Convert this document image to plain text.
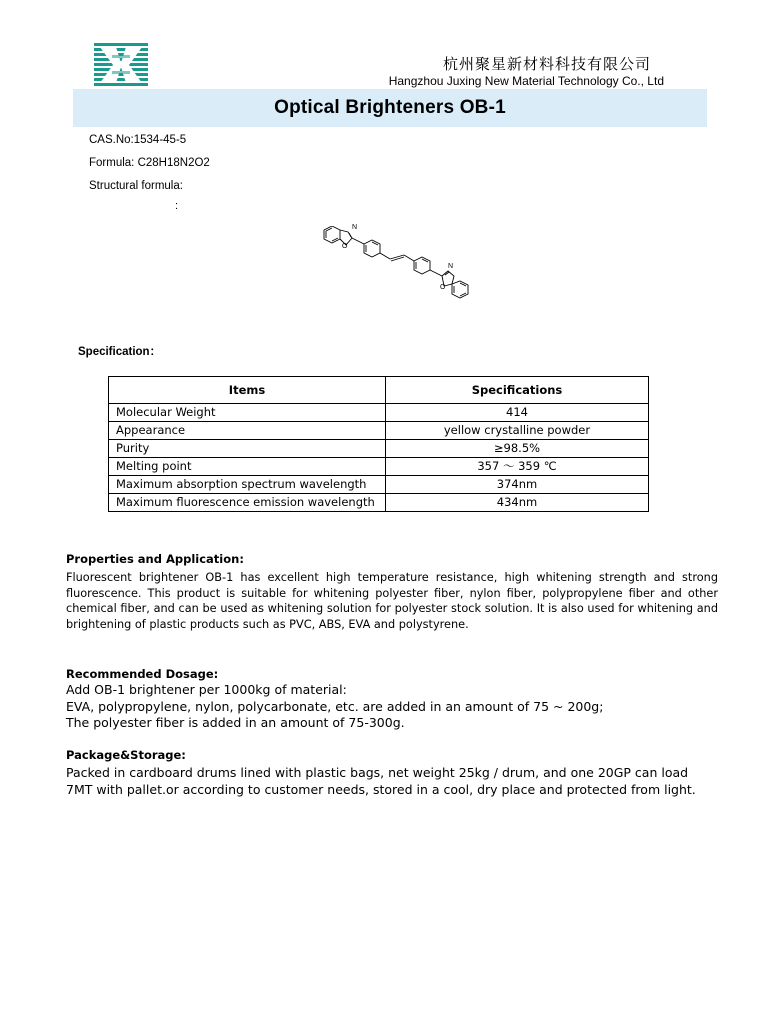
杭州聚星新材料科技有限公司
Hangzhou Juxing New Material Technology Co., Ltd
Optical Brighteners OB-1
CAS.No:1534-45-5
Formula: C28H18N2O2
Structural formula:
:
N
O
N
O
Specification：
Items	Specifications
Molecular Weight	414
Appearance	yellow crystalline powder
Purity	≥98.5%
Melting point	357 ～ 359 ℃
Maximum absorption spectrum wavelength	374nm
Maximum fluorescence emission wavelength	434nm
Properties and Application:
Fluorescent brightener OB-1 has excellent high temperature resistance, high whitening strength and strong fluorescence. This product is suitable for whitening polyester fiber, nylon fiber, polypropylene fiber and other chemical fiber, and can be used as whitening solution for polyester stock solution. It is also used for whitening and brightening of plastic products such as PVC, ABS, EVA and polystyrene.
Recommended Dosage:
Add OB-1 brightener per 1000kg of material:
EVA, polypropylene, nylon, polycarbonate, etc. are added in an amount of 75 ~ 200g;
The polyester fiber is added in an amount of 75-300g.
Package&Storage:
Packed in cardboard drums lined with plastic bags, net weight 25kg / drum, and one 20GP can load 7MT with pallet.or according to customer needs, stored in a cool, dry place and protected from light.
